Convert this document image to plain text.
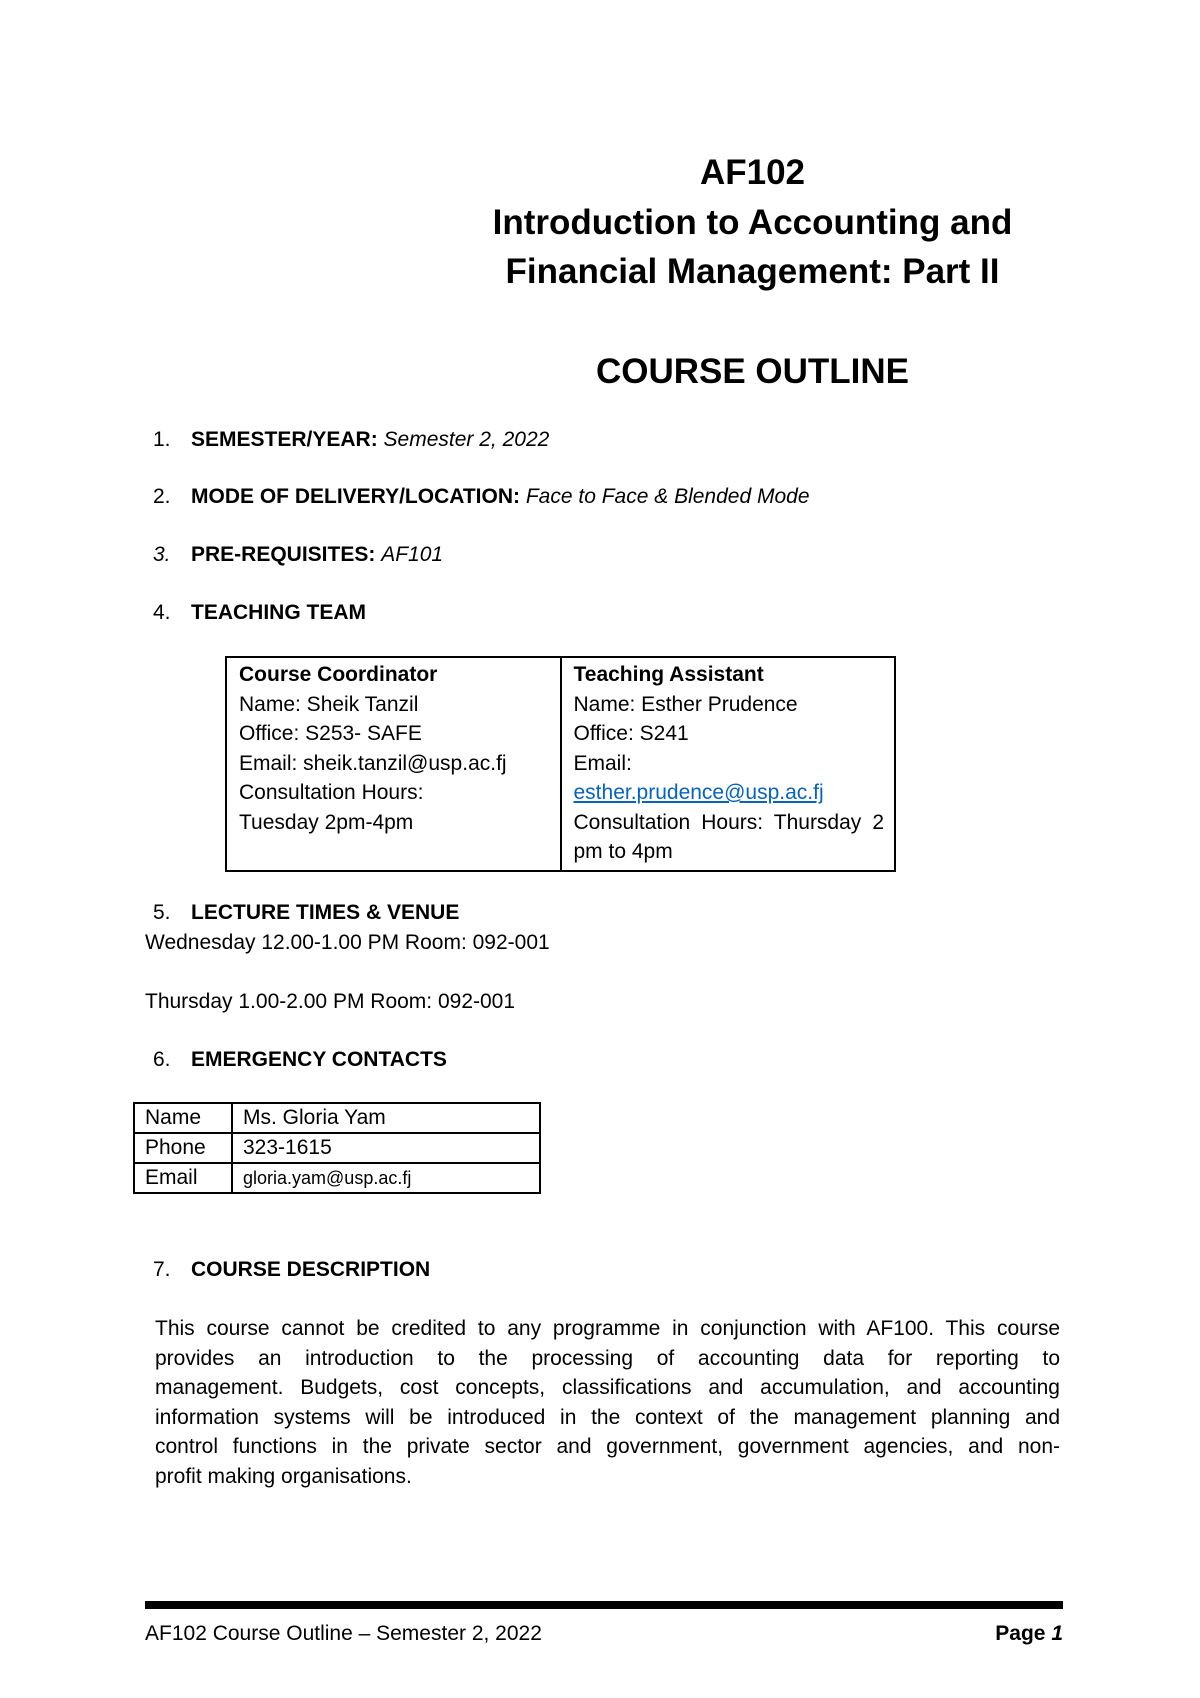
AF102
Introduction to Accounting and
Financial Management: Part II
COURSE OUTLINE
1. SEMESTER/YEAR: Semester 2, 2022
2. MODE OF DELIVERY/LOCATION: Face to Face & Blended Mode
3. PRE-REQUISITES: AF101
4. TEACHING TEAM
Course Coordinator
Name: Sheik Tanzil
Office: S253- SAFE
Email: sheik.tanzil@usp.ac.fj
Consultation Hours:
Tuesday 2pm-4pm

Teaching Assistant
Name: Esther Prudence
Office: S241
Email: esther.prudence@usp.ac.fj
Consultation Hours: Thursday 2
pm to 4pm
5. LECTURE TIMES & VENUE
Wednesday 12.00-1.00 PM Room: 092-001
Thursday 1.00-2.00 PM Room: 092-001
6. EMERGENCY CONTACTS
Name	Ms. Gloria Yam
Phone	323-1615
Email	gloria.yam@usp.ac.fj
7. COURSE DESCRIPTION
This course cannot be credited to any programme in conjunction with AF100. This course
provides an introduction to the processing of accounting data for reporting to
management. Budgets, cost concepts, classifications and accumulation, and accounting
information systems will be introduced in the context of the management planning and
control functions in the private sector and government, government agencies, and non-
profit making organisations.
AF102 Course Outline – Semester 2, 2022	Page 1
